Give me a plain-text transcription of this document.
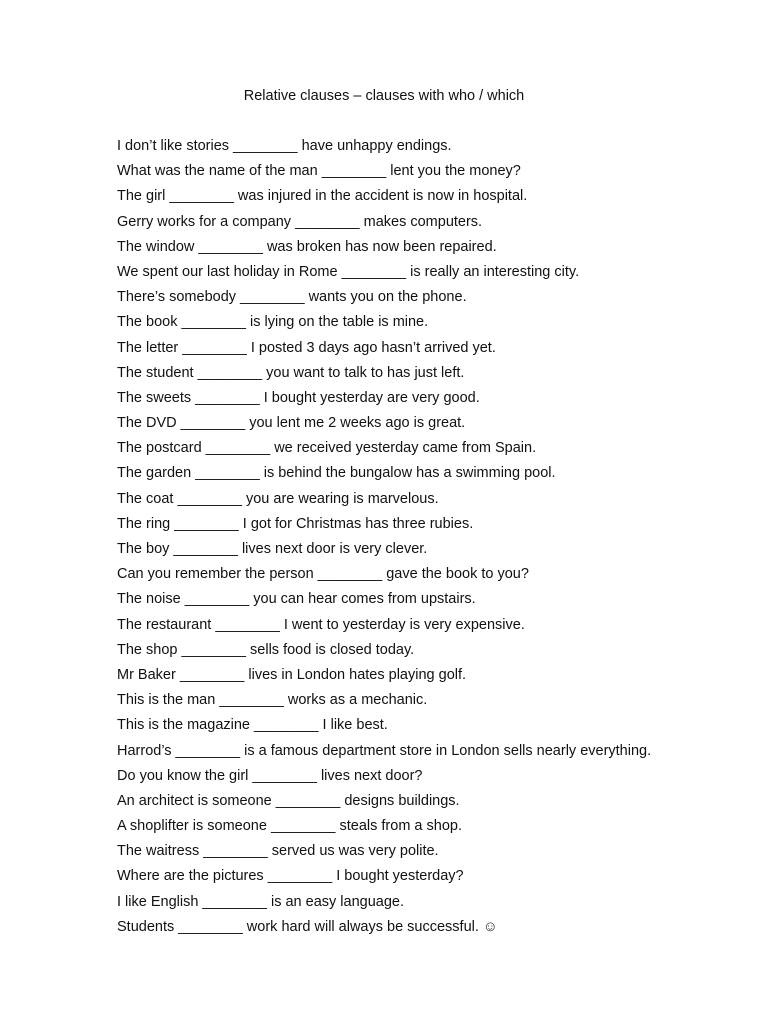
Relative clauses – clauses with who / which
I don’t like stories ________ have unhappy endings.
What was the name of the man ________ lent you the money?
The girl ________ was injured in the accident is now in hospital.
Gerry works for a company ________ makes computers.
The window ________ was broken has now been repaired.
We spent our last holiday in Rome ________ is really an interesting city.
There’s somebody ________ wants you on the phone.
The book ________ is lying on the table is mine.
The letter ________ I posted 3 days ago hasn’t arrived yet.
The student ________ you want to talk to has just left.
The sweets ________ I bought yesterday are very good.
The DVD ________ you lent me 2 weeks ago is great.
The postcard ________ we received yesterday came from Spain.
The garden ________ is behind the bungalow has a swimming pool.
The coat ________ you are wearing is marvelous.
The ring ________ I got for Christmas has three rubies.
The boy ________ lives next door is very clever.
Can you remember the person ________ gave the book to you?
The noise ________ you can hear comes from upstairs.
The restaurant ________ I went to yesterday is very expensive.
The shop ________ sells food is closed today.
Mr Baker ________ lives in London hates playing golf.
This is the man ________ works as a mechanic.
This is the magazine ________ I like best.
Harrod’s ________ is a famous department store in London sells nearly everything.
Do you know the girl ________ lives next door?
An architect is someone ________ designs buildings.
A shoplifter is someone ________ steals from a shop.
The waitress ________ served us was very polite.
Where are the pictures ________ I bought yesterday?
I like English ________ is an easy language.
Students ________ work hard will always be successful. ☺
